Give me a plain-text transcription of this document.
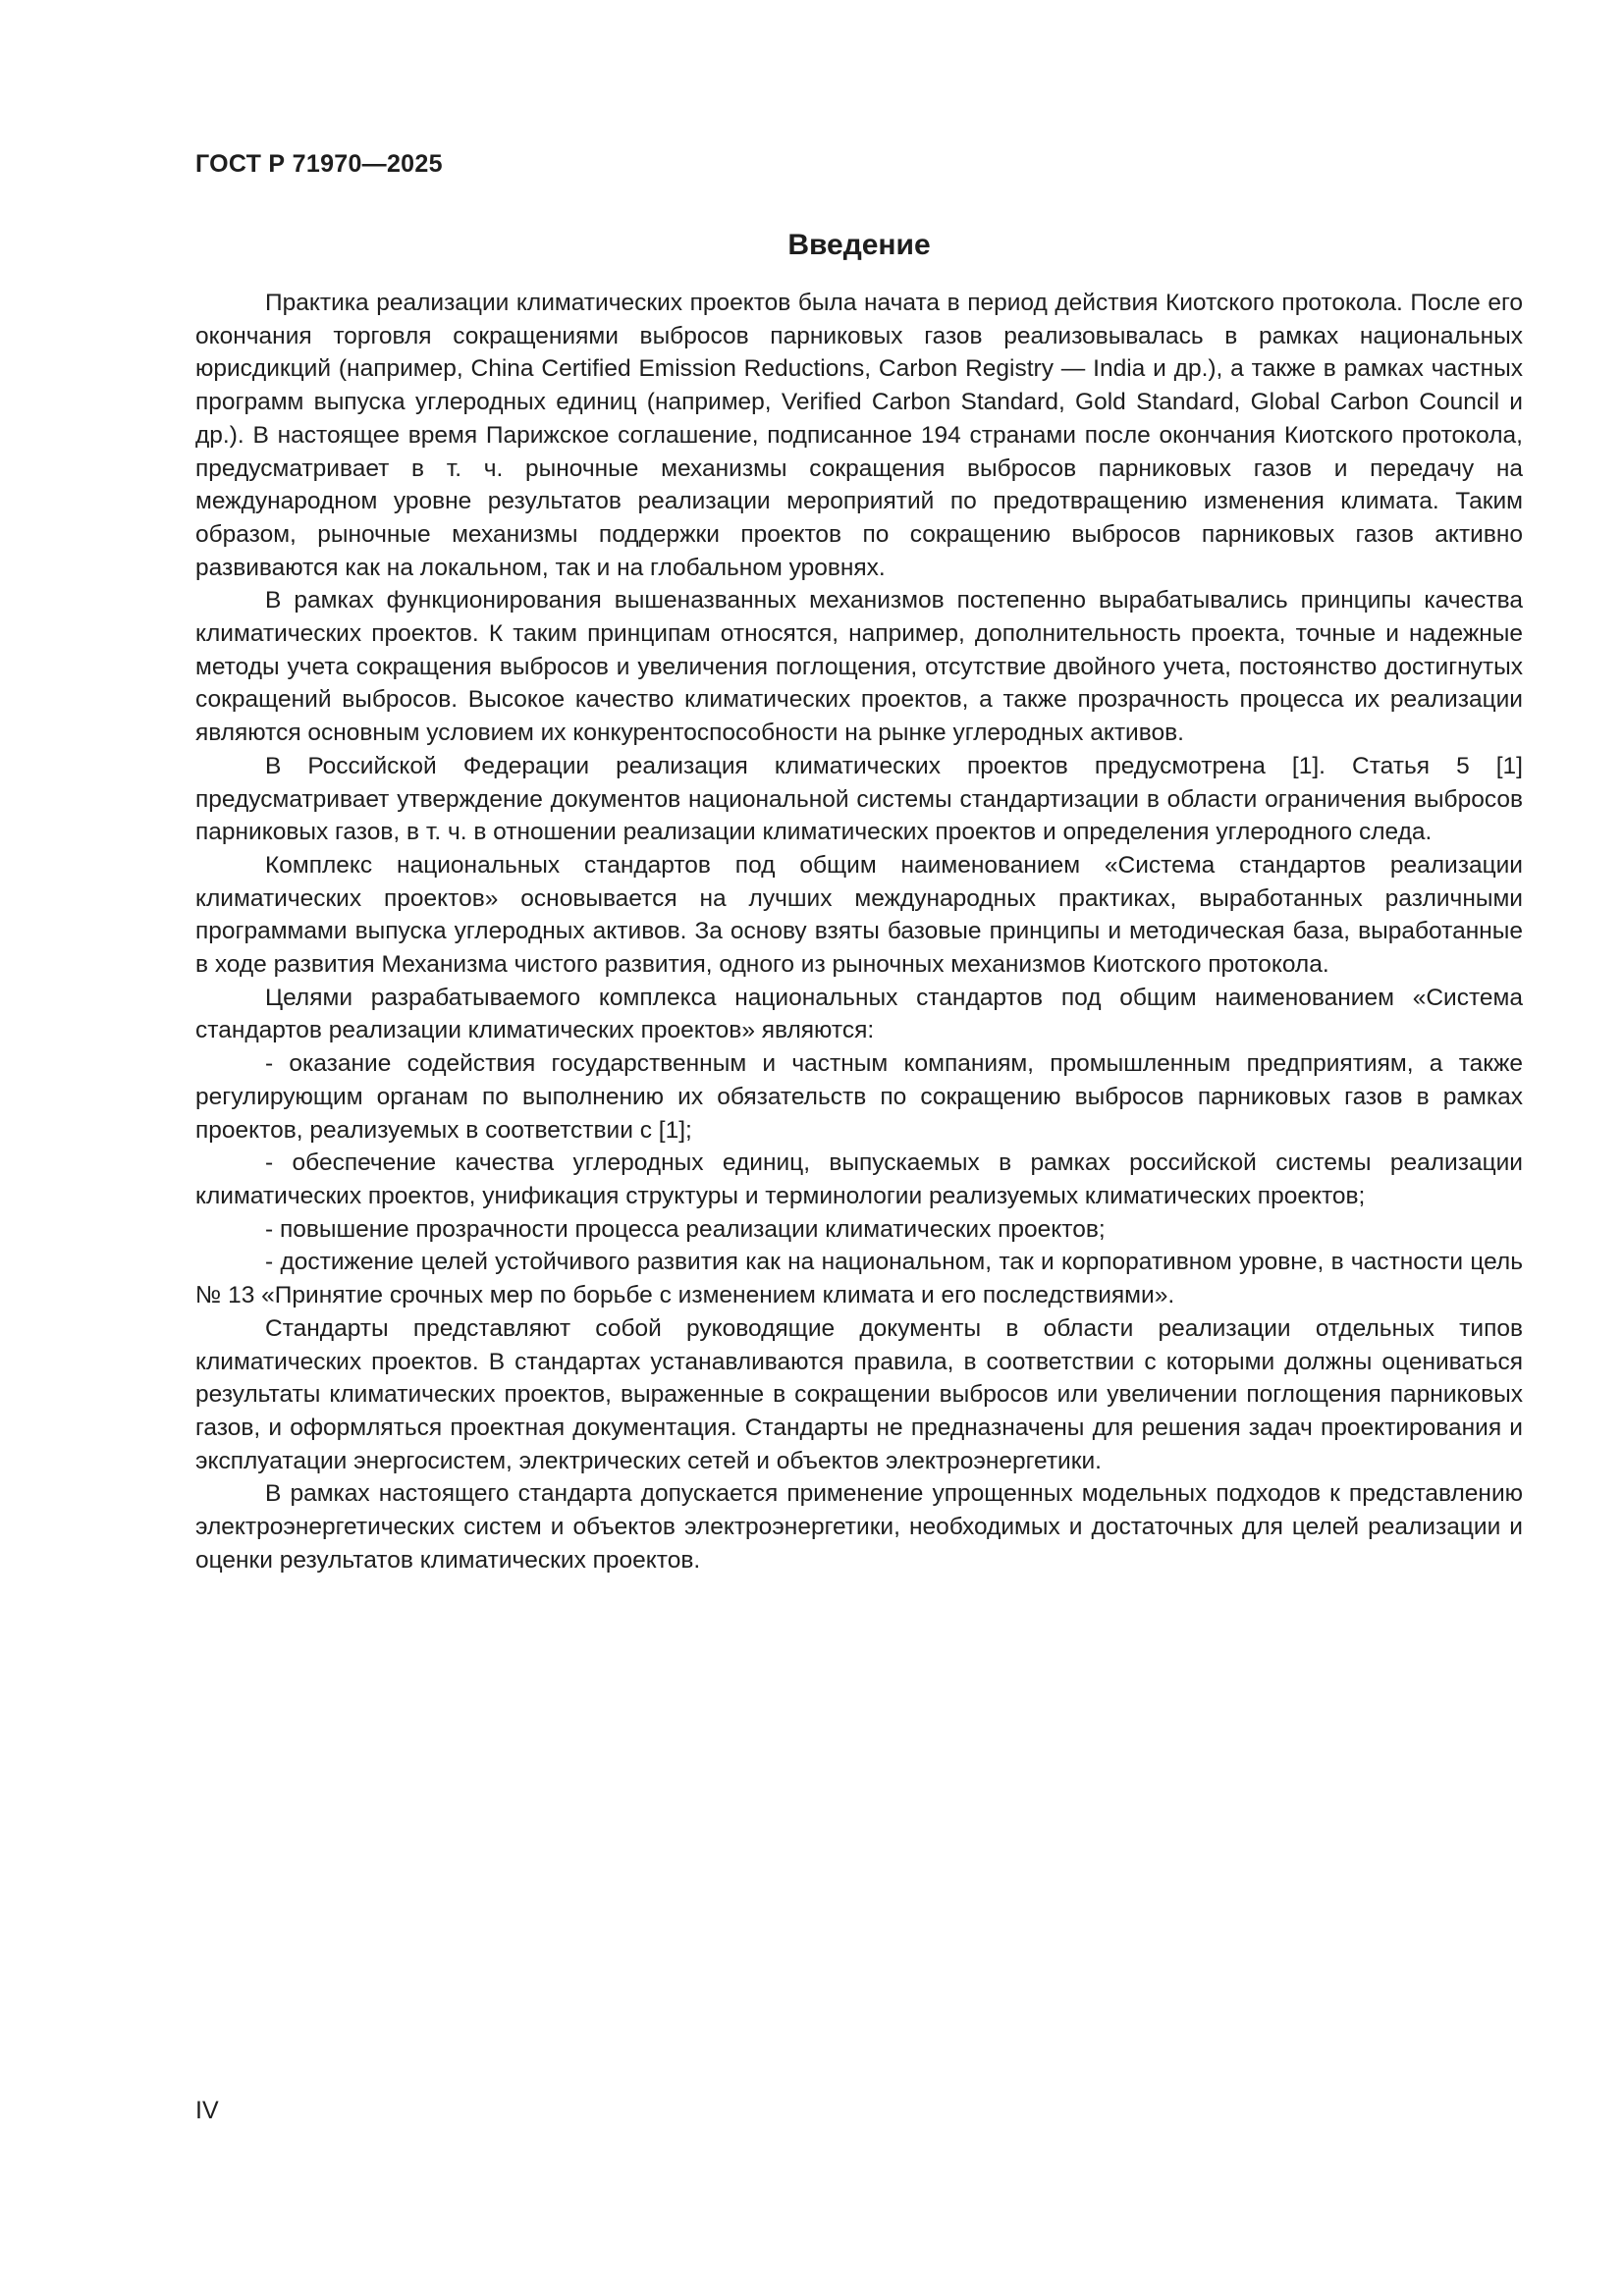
ГОСТ Р 71970—2025
Введение

Практика реализации климатических проектов была начата в период действия Киотского протокола. После его окончания торговля сокращениями выбросов парниковых газов реализовывалась в рамках национальных юрисдикций (например, China Certified Emission Reductions, Carbon Registry — India и др.), а также в рамках частных программ выпуска углеродных единиц (например, Verified Carbon Standard, Gold Standard, Global Carbon Council и др.). В настоящее время Парижское соглашение, подписанное 194 странами после окончания Киотского протокола, предусматривает в т. ч. рыночные механизмы сокращения выбросов парниковых газов и передачу на международном уровне результатов реализации мероприятий по предотвращению изменения климата. Таким образом, рыночные механизмы поддержки проектов по сокращению выбросов парниковых газов активно развиваются как на локальном, так и на глобальном уровнях.

В рамках функционирования вышеназванных механизмов постепенно вырабатывались принципы качества климатических проектов. К таким принципам относятся, например, дополнительность проекта, точные и надежные методы учета сокращения выбросов и увеличения поглощения, отсутствие двойного учета, постоянство достигнутых сокращений выбросов. Высокое качество климатических проектов, а также прозрачность процесса их реализации являются основным условием их конкурентоспособности на рынке углеродных активов.

В Российской Федерации реализация климатических проектов предусмотрена [1]. Статья 5 [1] предусматривает утверждение документов национальной системы стандартизации в области ограничения выбросов парниковых газов, в т. ч. в отношении реализации климатических проектов и определения углеродного следа.

Комплекс национальных стандартов под общим наименованием «Система стандартов реализации климатических проектов» основывается на лучших международных практиках, выработанных различными программами выпуска углеродных активов. За основу взяты базовые принципы и методическая база, выработанные в ходе развития Механизма чистого развития, одного из рыночных механизмов Киотского протокола.

Целями разрабатываемого комплекса национальных стандартов под общим наименованием «Система стандартов реализации климатических проектов» являются:

- оказание содействия государственным и частным компаниям, промышленным предприятиям, а также регулирующим органам по выполнению их обязательств по сокращению выбросов парниковых газов в рамках проектов, реализуемых в соответствии с [1];

- обеспечение качества углеродных единиц, выпускаемых в рамках российской системы реализации климатических проектов, унификация структуры и терминологии реализуемых климатических проектов;

- повышение прозрачности процесса реализации климатических проектов;

- достижение целей устойчивого развития как на национальном, так и корпоративном уровне, в частности цель № 13 «Принятие срочных мер по борьбе с изменением климата и его последствиями».

Стандарты представляют собой руководящие документы в области реализации отдельных типов климатических проектов. В стандартах устанавливаются правила, в соответствии с которыми должны оцениваться результаты климатических проектов, выраженные в сокращении выбросов или увеличении поглощения парниковых газов, и оформляться проектная документация. Стандарты не предназначены для решения задач проектирования и эксплуатации энергосистем, электрических сетей и объектов электроэнергетики.

В рамках настоящего стандарта допускается применение упрощенных модельных подходов к представлению электроэнергетических систем и объектов электроэнергетики, необходимых и достаточных для целей реализации и оценки результатов климатических проектов.

IV
